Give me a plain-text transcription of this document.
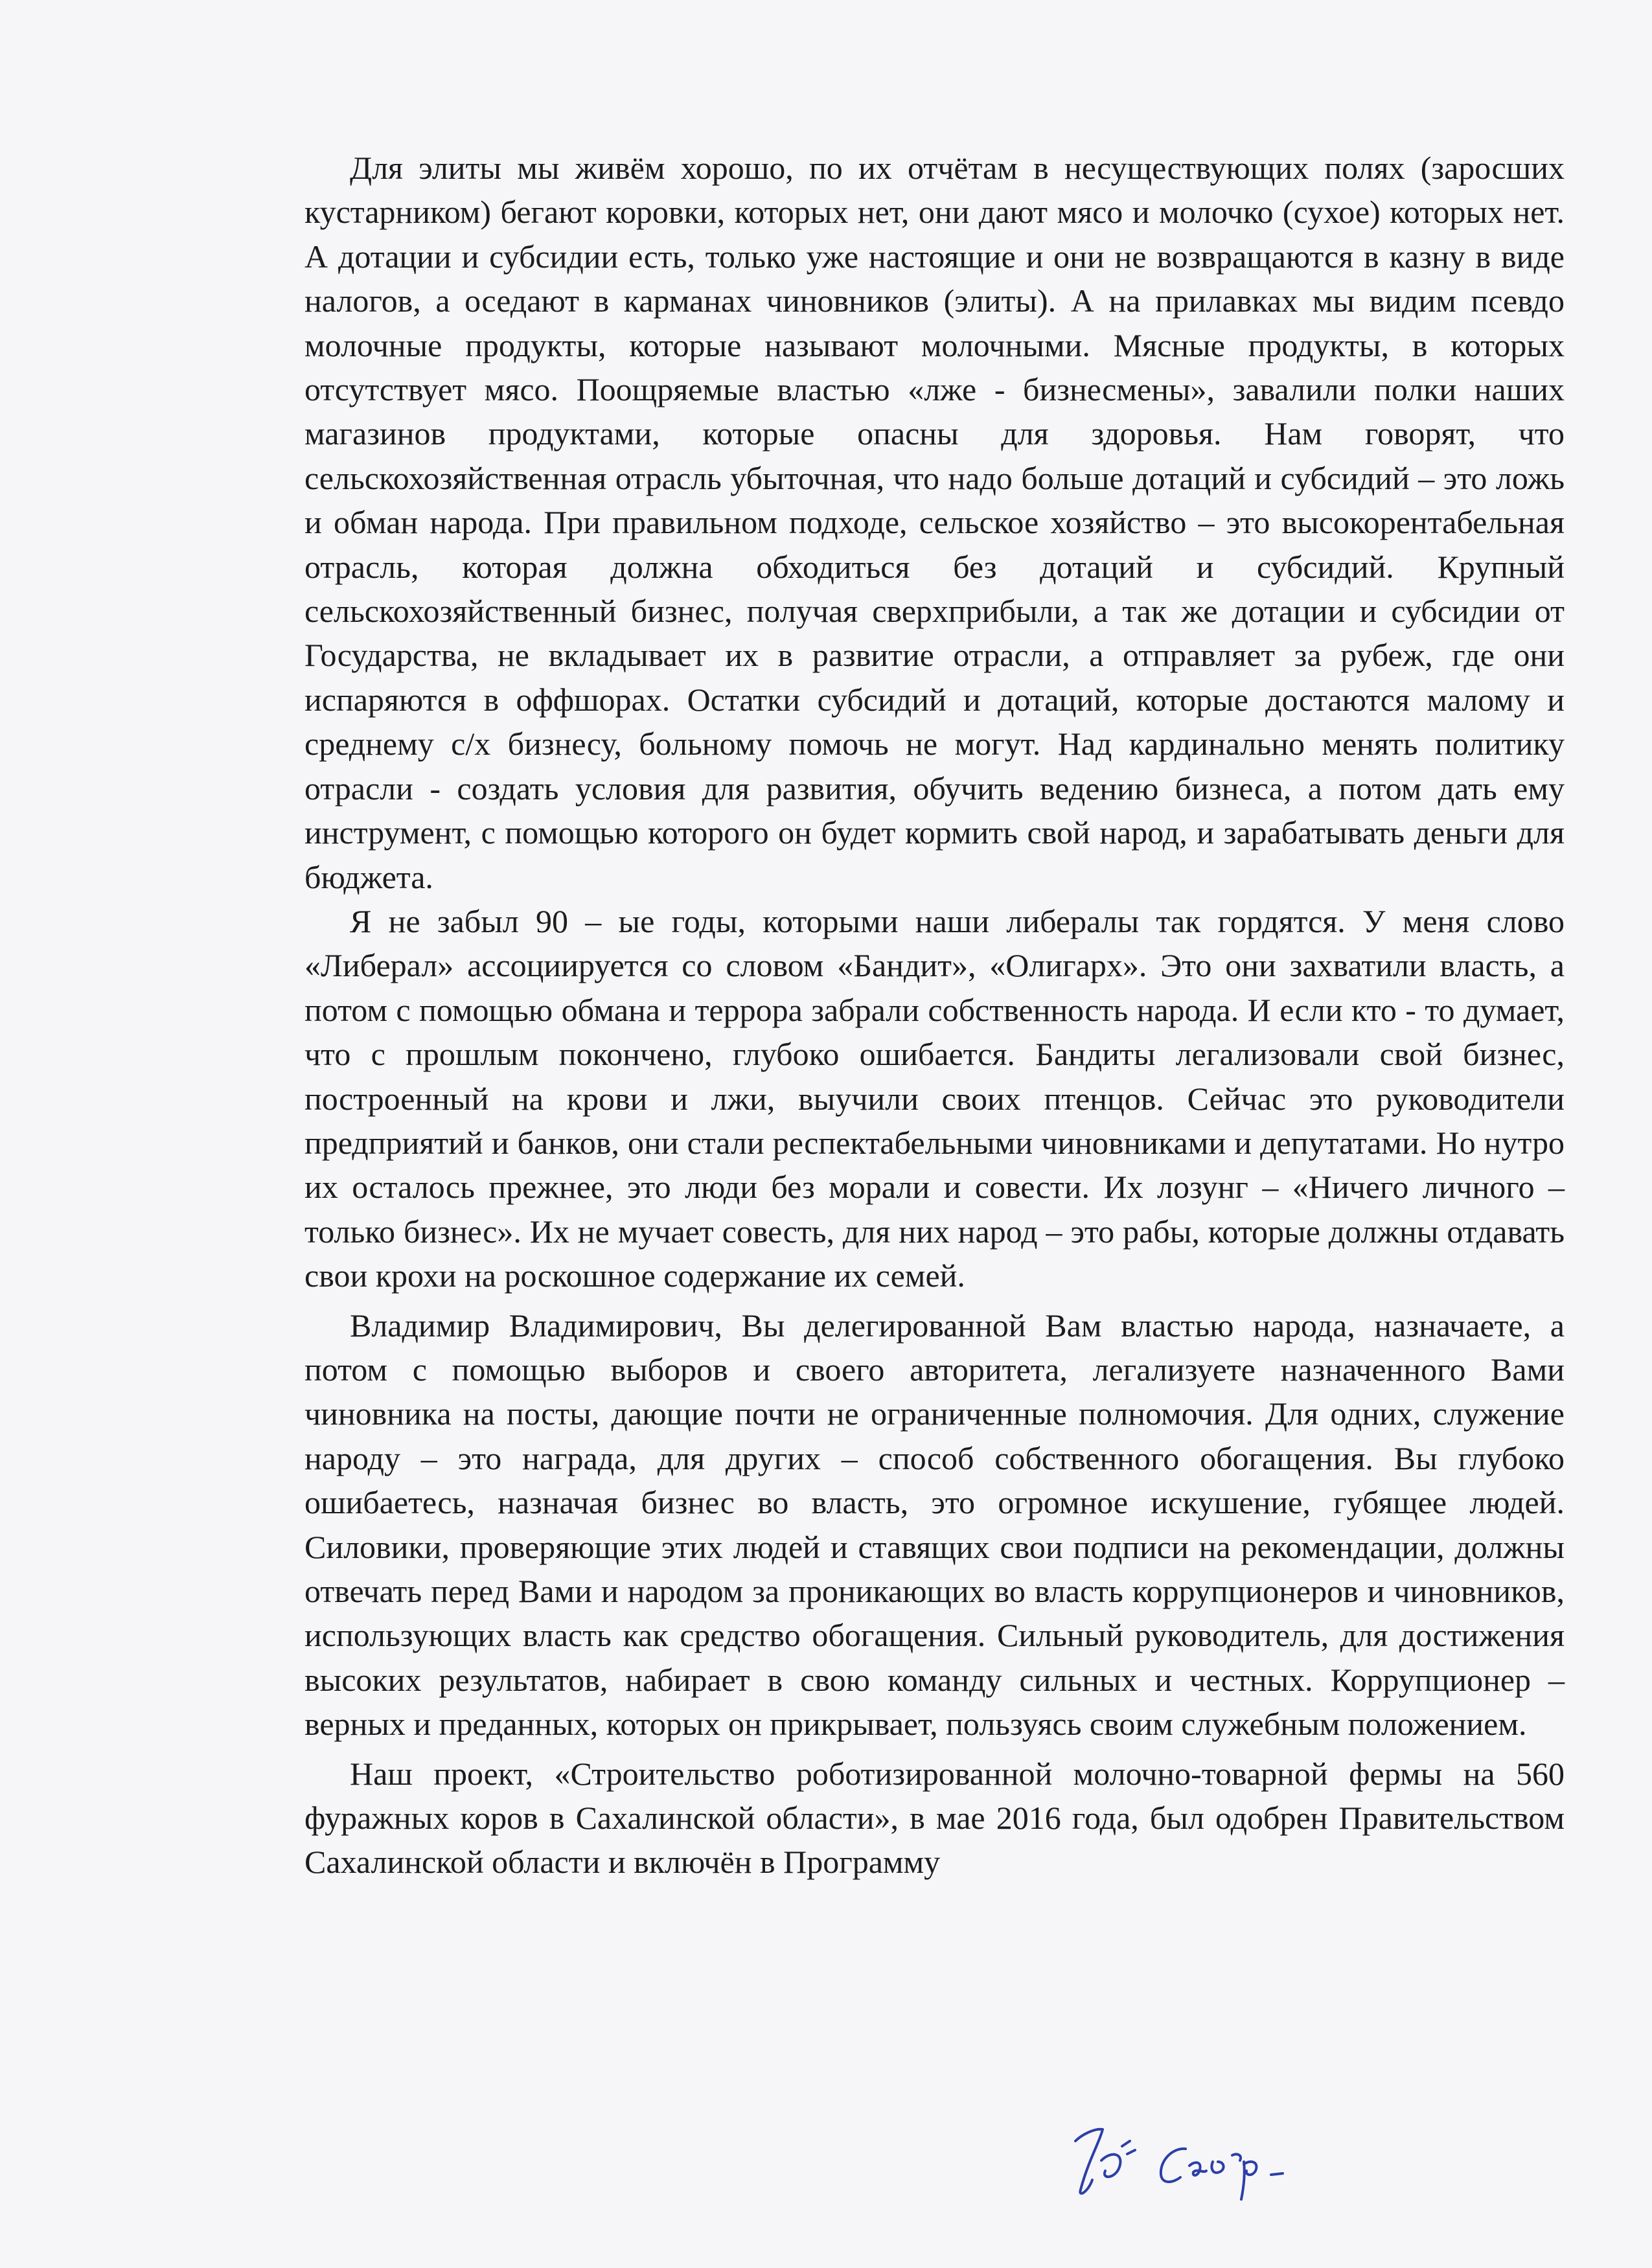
Для элиты мы живём хорошо, по их отчётам в несуществующих полях (заросших кустарником) бегают коровки, которых нет, они дают мясо и молочко (сухое) которых нет. А дотации и субсидии есть, только уже настоящие и они не возвращаются в казну в виде налогов, а оседают в карманах чиновников (элиты). А на прилавках мы видим псевдо молочные продукты, которые называют молочными. Мясные продукты, в которых отсутствует мясо. Поощряемые властью «лже - бизнесмены», завалили полки наших магазинов продуктами, которые опасны для здоровья. Нам говорят, что сельскохозяйственная отрасль убыточная, что надо больше дотаций и субсидий – это ложь и обман народа. При правильном подходе, сельское хозяйство – это высокорентабельная отрасль, которая должна обходиться без дотаций и субсидий. Крупный сельскохозяйственный бизнес, получая сверхприбыли, а так же дотации и субсидии от Государства, не вкладывает их в развитие отрасли, а отправляет за рубеж, где они испаряются в оффшорах. Остатки субсидий и дотаций, которые достаются малому и среднему с/х бизнесу, больному помочь не могут. Над кардинально менять политику отрасли - создать условия для развития, обучить ведению бизнеса, а потом дать ему инструмент, с помощью которого он будет кормить свой народ, и зарабатывать деньги для бюджета.

Я не забыл 90 – ые годы, которыми наши либералы так гордятся. У меня слово «Либерал» ассоциируется со словом «Бандит», «Олигарх». Это они захватили власть, а потом с помощью обмана и террора забрали собственность народа. И если кто - то думает, что с прошлым покончено, глубоко ошибается. Бандиты легализовали свой бизнес, построенный на крови и лжи, выучили своих птенцов. Сейчас это руководители предприятий и банков, они стали респектабельными чиновниками и депутатами. Но нутро их осталось прежнее, это люди без морали и совести. Их лозунг – «Ничего личного – только бизнес». Их не мучает совесть, для них народ – это рабы, которые должны отдавать свои крохи на роскошное содержание их семей.

Владимир Владимирович, Вы делегированной Вам властью народа, назначаете, а потом с помощью выборов и своего авторитета, легализуете назначенного Вами чиновника на посты, дающие почти не ограниченные полномочия. Для одних, служение народу – это награда, для других – способ собственного обогащения. Вы глубоко ошибаетесь, назначая бизнес во власть, это огромное искушение, губящее людей. Силовики, проверяющие этих людей и ставящих свои подписи на рекомендации, должны отвечать перед Вами и народом за проникающих во власть коррупционеров и чиновников, использующих власть как средство обогащения. Сильный руководитель, для достижения высоких результатов, набирает в свою команду сильных и честных. Коррупционер – верных и преданных, которых он прикрывает, пользуясь своим служебным положением.

Наш проект, «Строительство роботизированной молочно-товарной фермы на 560 фуражных коров в Сахалинской области», в мае 2016 года, был одобрен Правительством Сахалинской области и включён в Программу
